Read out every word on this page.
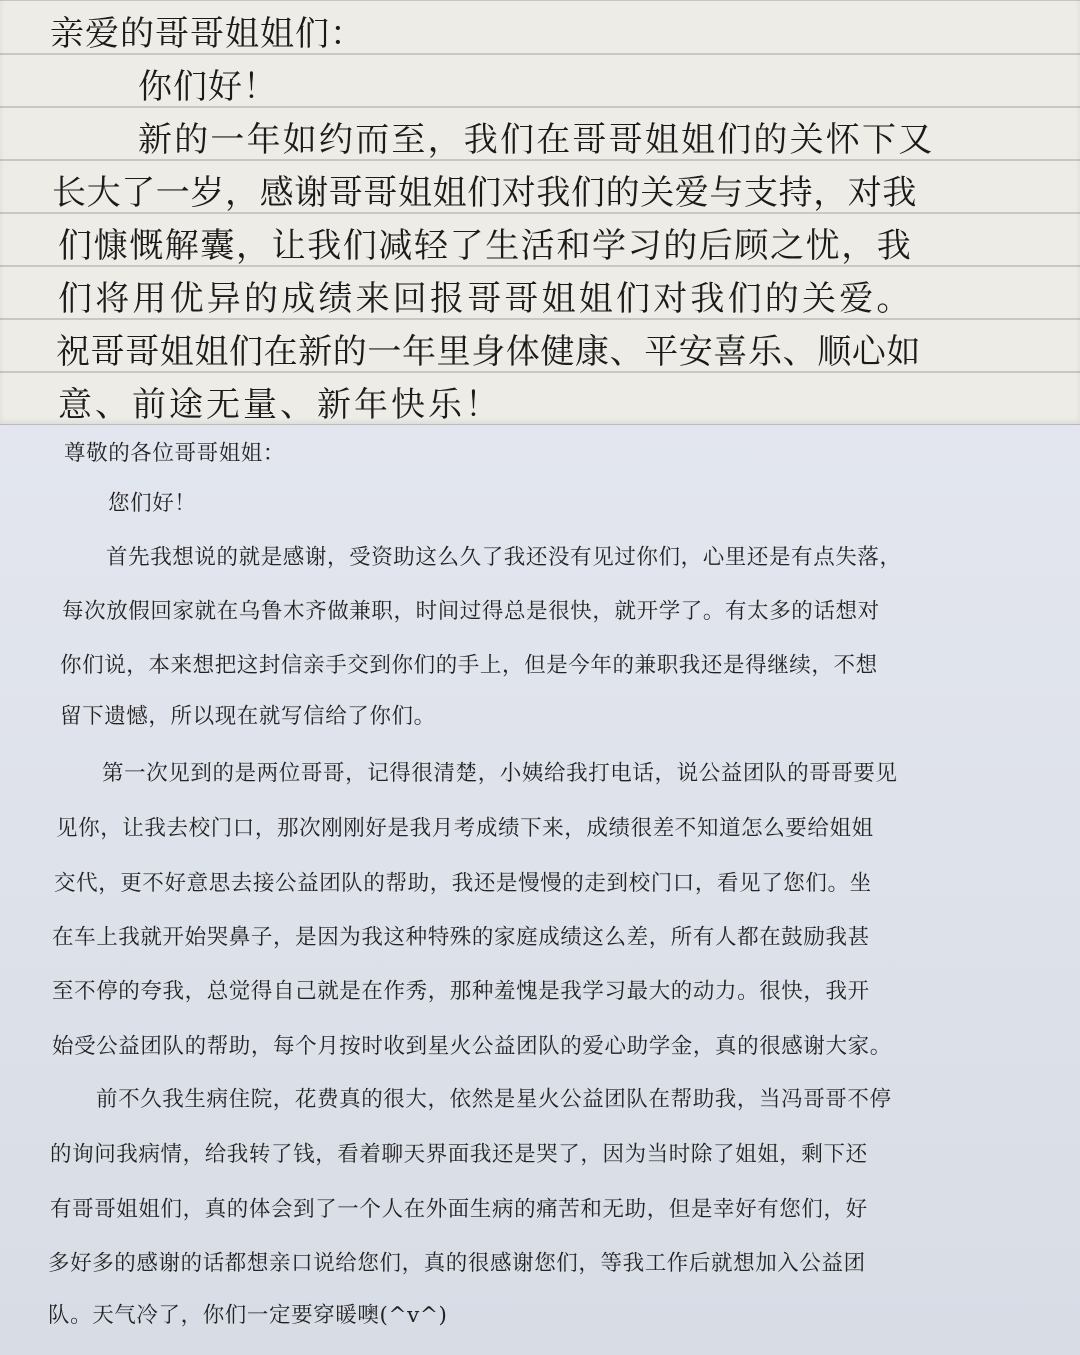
亲爱的哥哥姐姐们：
你们好！
新的一年如约而至，我们在哥哥姐姐们的关怀下又
长大了一岁，感谢哥哥姐姐们对我们的关爱与支持，对我
们慷慨解囊，让我们减轻了生活和学习的后顾之忧，我
们将用优异的成绩来回报哥哥姐姐们对我们的关爱。
祝哥哥姐姐们在新的一年里身体健康、平安喜乐、顺心如
意、前途无量、新年快乐！
尊敬的各位哥哥姐姐：
您们好！
首先我想说的就是感谢，受资助这么久了我还没有见过你们，心里还是有点失落，
每次放假回家就在乌鲁木齐做兼职，时间过得总是很快，就开学了。有太多的话想对
你们说，本来想把这封信亲手交到你们的手上，但是今年的兼职我还是得继续，不想
留下遗憾，所以现在就写信给了你们。
第一次见到的是两位哥哥，记得很清楚，小姨给我打电话，说公益团队的哥哥要见
见你，让我去校门口，那次刚刚好是我月考成绩下来，成绩很差不知道怎么要给姐姐
交代，更不好意思去接公益团队的帮助，我还是慢慢的走到校门口，看见了您们。坐
在车上我就开始哭鼻子，是因为我这种特殊的家庭成绩这么差，所有人都在鼓励我甚
至不停的夸我，总觉得自己就是在作秀，那种羞愧是我学习最大的动力。很快，我开
始受公益团队的帮助，每个月按时收到星火公益团队的爱心助学金，真的很感谢大家。
前不久我生病住院，花费真的很大，依然是星火公益团队在帮助我，当冯哥哥不停
的询问我病情，给我转了钱，看着聊天界面我还是哭了，因为当时除了姐姐，剩下还
有哥哥姐姐们，真的体会到了一个人在外面生病的痛苦和无助，但是幸好有您们，好
多好多的感谢的话都想亲口说给您们，真的很感谢您们，等我工作后就想加入公益团
队。天气冷了，你们一定要穿暖噢(^v^)
